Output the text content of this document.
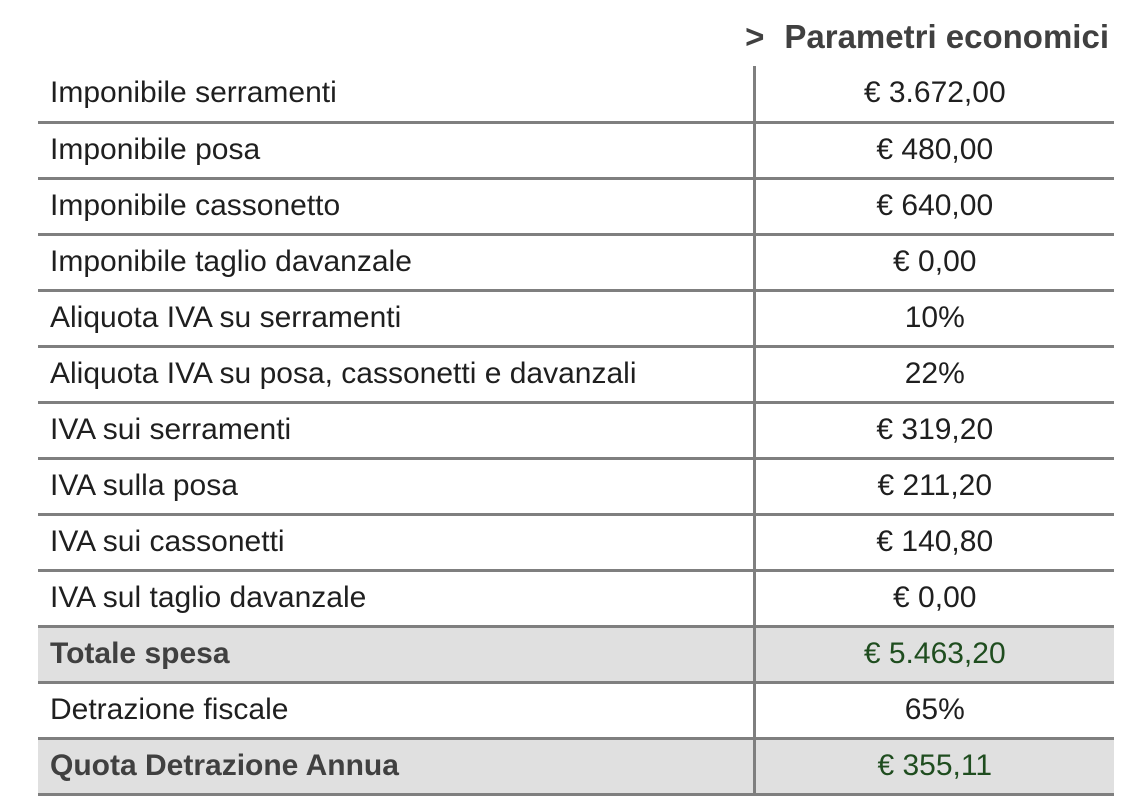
> Parametri economici
Imponibile serramenti	€ 3.672,00
Imponibile posa	€ 480,00
Imponibile cassonetto	€ 640,00
Imponibile taglio davanzale	€ 0,00
Aliquota IVA su serramenti	10%
Aliquota IVA su posa, cassonetti e davanzali	22%
IVA sui serramenti	€ 319,20
IVA sulla posa	€ 211,20
IVA sui cassonetti	€ 140,80
IVA sul taglio davanzale	€ 0,00
Totale spesa	€ 5.463,20
Detrazione fiscale	65%
Quota Detrazione Annua	€ 355,11
